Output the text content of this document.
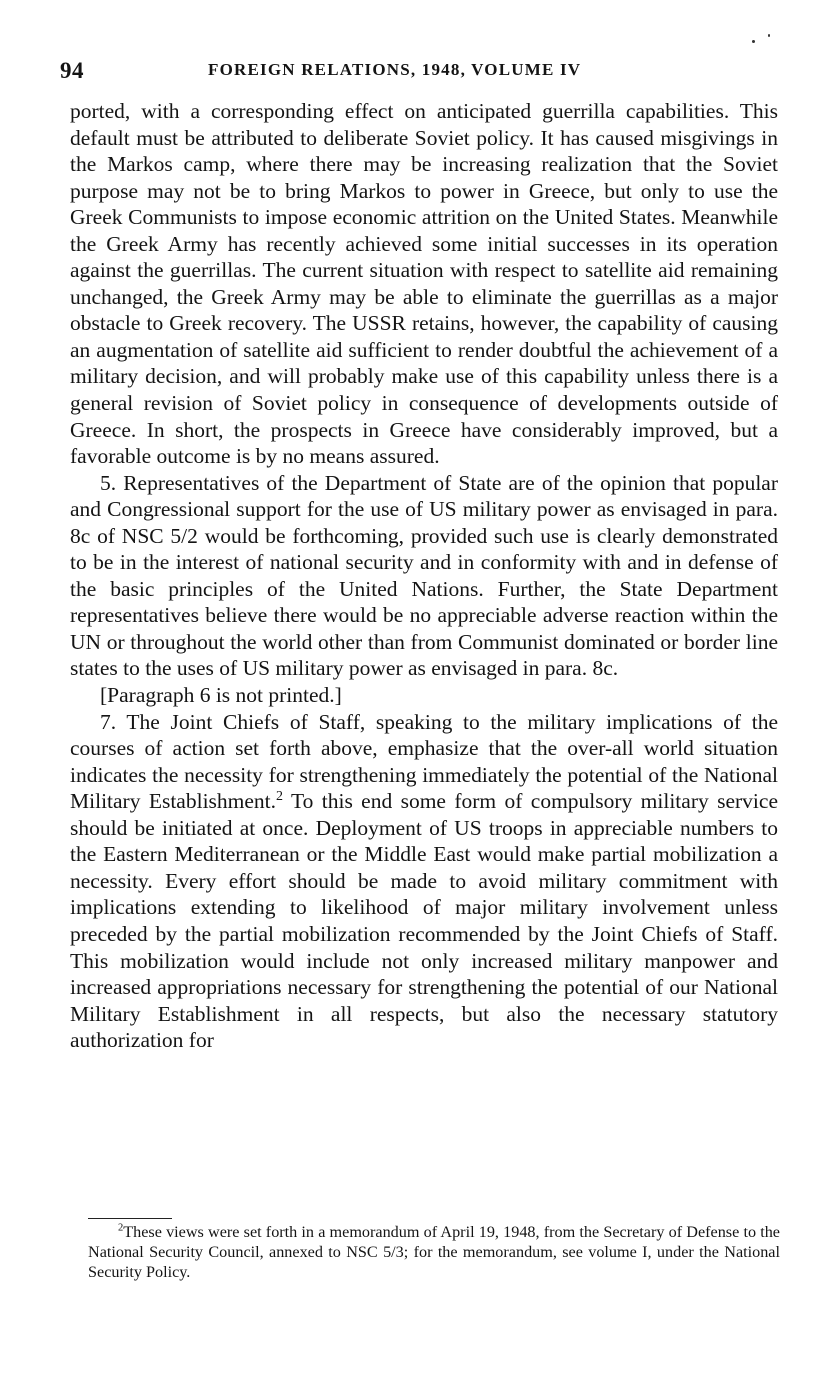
94	FOREIGN RELATIONS, 1948, VOLUME IV

ported, with a corresponding effect on anticipated guerrilla capabilities. This default must be attributed to deliberate Soviet policy. It has caused misgivings in the Markos camp, where there may be increasing realization that the Soviet purpose may not be to bring Markos to power in Greece, but only to use the Greek Communists to impose economic attrition on the United States. Meanwhile the Greek Army has recently achieved some initial successes in its operation against the guerrillas. The current situation with respect to satellite aid remaining unchanged, the Greek Army may be able to eliminate the guerrillas as a major obstacle to Greek recovery. The USSR retains, however, the capability of causing an augmentation of satellite aid sufficient to render doubtful the achievement of a military decision, and will probably make use of this capability unless there is a general revision of Soviet policy in consequence of developments outside of Greece. In short, the prospects in Greece have considerably improved, but a favorable outcome is by no means assured.

5. Representatives of the Department of State are of the opinion that popular and Congressional support for the use of US military power as envisaged in para. 8c of NSC 5/2 would be forthcoming, provided such use is clearly demonstrated to be in the interest of national security and in conformity with and in defense of the basic principles of the United Nations. Further, the State Department representatives believe there would be no appreciable adverse reaction within the UN or throughout the world other than from Communist dominated or border line states to the uses of US military power as envisaged in para. 8c.

[Paragraph 6 is not printed.]

7. The Joint Chiefs of Staff, speaking to the military implications of the courses of action set forth above, emphasize that the over-all world situation indicates the necessity for strengthening immediately the potential of the National Military Establishment.$^2$ To this end some form of compulsory military service should be initiated at once. Deployment of US troops in appreciable numbers to the Eastern Mediterranean or the Middle East would make partial mobilization a necessity. Every effort should be made to avoid military commitment with implications extending to likelihood of major military involvement unless preceded by the partial mobilization recommended by the Joint Chiefs of Staff. This mobilization would include not only increased military manpower and increased appropriations necessary for strengthening the potential of our National Military Establishment in all respects, but also the necessary statutory authorization for

$^2$These views were set forth in a memorandum of April 19, 1948, from the Secretary of Defense to the National Security Council, annexed to NSC 5/3; for the memorandum, see volume I, under the National Security Policy.
